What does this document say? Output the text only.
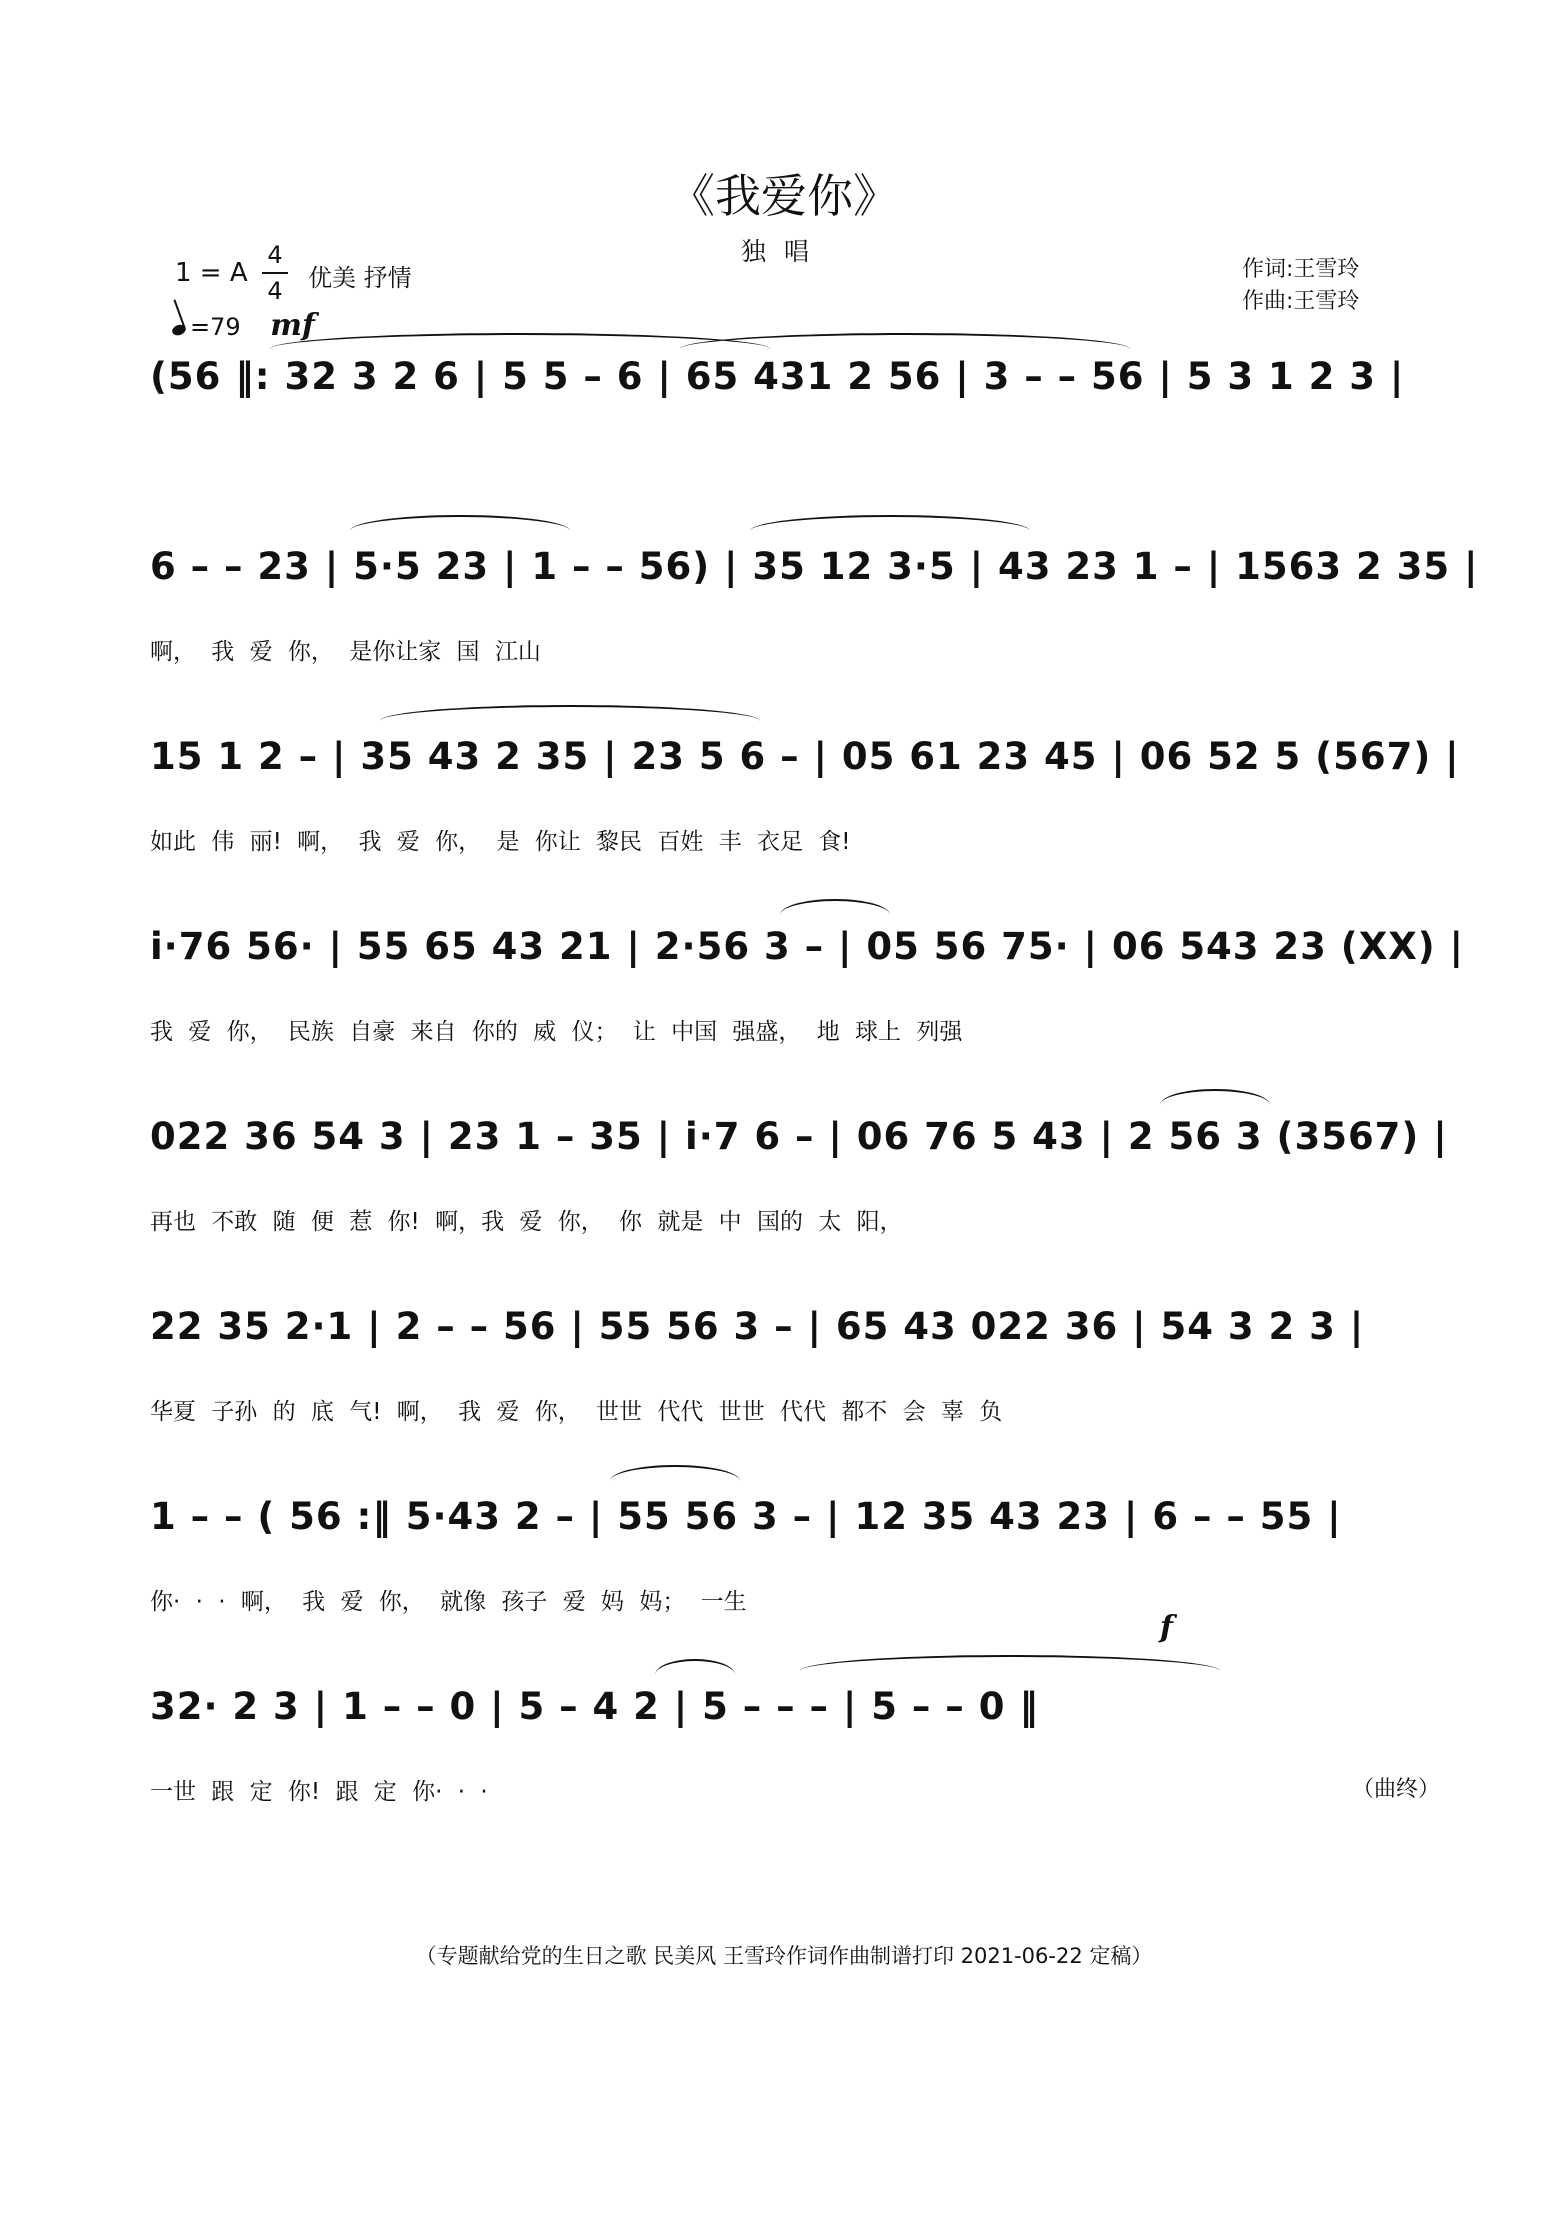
《我爱你》
独唱
作词:王雪玲
作曲:王雪玲
1 = A
4
4 优美 抒情
=79 mf
(56 ‖: 32 3 2 6 | 5 5 – 6 | 65 431 2 56 | 3 – – 56 | 5 3 1 2 3 |
6 – – 23 | 5·5 23 | 1 – – 56) | 35 12 3·5 | 43 23 1 – | 1563 2 35 |
啊， 我 爱 你， 是你让家 国 江山
15 1 2 – | 35 43 2 35 | 23 5 6 – | 05 61 23 45 | 06 52 5 (567) |
如此 伟 丽! 啊， 我 爱 你， 是 你让 黎民 百姓 丰 衣足 食!
i·76 56· | 55 65 43 21 | 2·56 3 – | 05 56 75· | 06 543 23 (XX) |
我 爱 你， 民族 自豪 来自 你的 威 仪； 让 中国 强盛， 地 球上 列强
022 36 54 3 | 23 1 – 35 | i·7 6 – | 06 76 5 43 | 2 56 3 (3567) |
再也 不敢 随 便 惹 你! 啊，我 爱 你， 你 就是 中 国的 太 阳，
22 35 2·1 | 2 – – 56 | 55 56 3 – | 65 43 022 36 | 54 3 2 3 |
华夏 子孙 的 底 气! 啊， 我 爱 你， 世世 代代 世世 代代 都不 会 辜 负
1 – – ( 56 :‖ 5·43 2 – | 55 56 3 – | 12 35 43 23 | 6 – – 55 |
你· · · 啊， 我 爱 你， 就像 孩子 爱 妈 妈； 一生
f
32· 2 3 | 1 – – 0 | 5 – 4 2 | 5 – – – | 5 – – 0 ‖
一世 跟 定 你! 跟 定 你· · ·	（曲终）
（专题献给党的生日之歌 民美风 王雪玲作词作曲制谱打印 2021-06-22 定稿）
